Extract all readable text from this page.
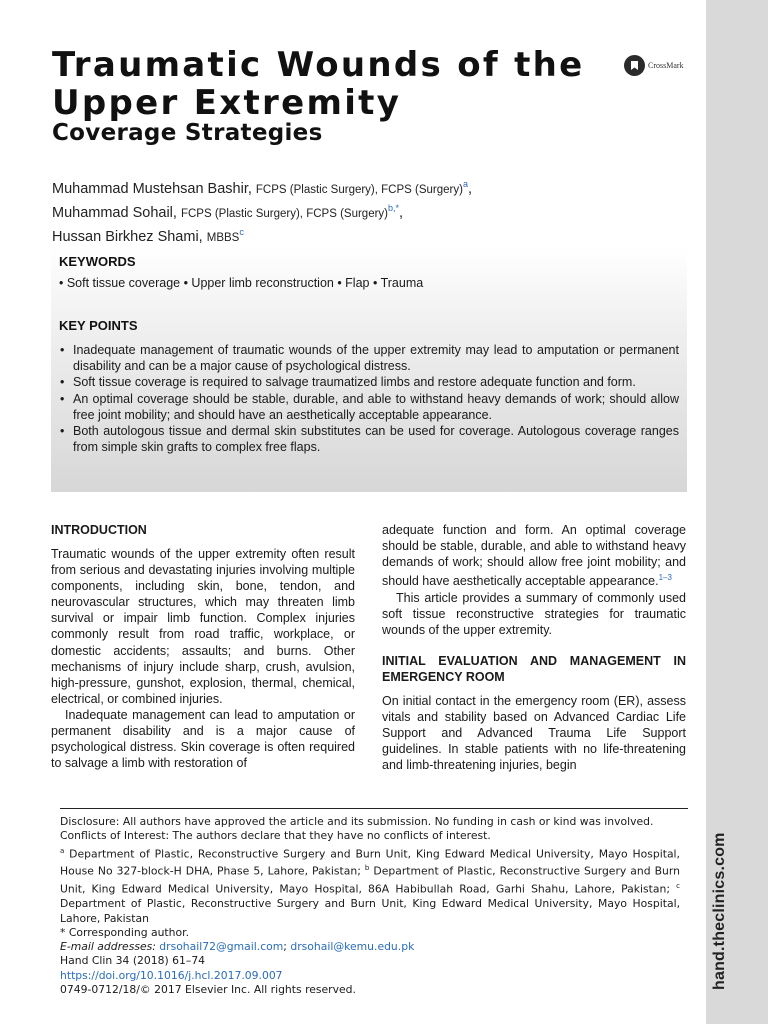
hand.theclinics.com
Traumatic Wounds of the Upper Extremity
Coverage Strategies
CrossMark
Muhammad Mustehsan Bashir, FCPS (Plastic Surgery), FCPS (Surgery)$^a$,
Muhammad Sohail, FCPS (Plastic Surgery), FCPS (Surgery)$^{b,*}$,
Hussan Birkhez Shami, MBBS$^c$
KEYWORDS
• Soft tissue coverage • Upper limb reconstruction • Flap • Trauma
KEY POINTS
• Inadequate management of traumatic wounds of the upper extremity may lead to amputation or permanent disability and can be a major cause of psychological distress.
• Soft tissue coverage is required to salvage traumatized limbs and restore adequate function and form.
• An optimal coverage should be stable, durable, and able to withstand heavy demands of work; should allow free joint mobility; and should have an aesthetically acceptable appearance.
• Both autologous tissue and dermal skin substitutes can be used for coverage. Autologous coverage ranges from simple skin grafts to complex free flaps.
INTRODUCTION

Traumatic wounds of the upper extremity often result from serious and devastating injuries involving multiple components, including skin, bone, tendon, and neurovascular structures, which may threaten limb survival or impair limb function. Complex injuries commonly result from road traffic, workplace, or domestic accidents; assaults; and burns. Other mechanisms of injury include sharp, crush, avulsion, high-pressure, gunshot, explosion, thermal, chemical, electrical, or combined injuries.

Inadequate management can lead to amputation or permanent disability and is a major cause of psychological distress. Skin coverage is often required to salvage a limb with restoration of

adequate function and form. An optimal coverage should be stable, durable, and able to withstand heavy demands of work; should allow free joint mobility; and should have aesthetically acceptable appearance.$^{1-3}$

This article provides a summary of commonly used soft tissue reconstructive strategies for traumatic wounds of the upper extremity.

INITIAL EVALUATION AND MANAGEMENT IN EMERGENCY ROOM

On initial contact in the emergency room (ER), assess vitals and stability based on Advanced Cardiac Life Support and Advanced Trauma Life Support guidelines. In stable patients with no life-threatening and limb-threatening injuries, begin

Disclosure: All authors have approved the article and its submission. No funding in cash or kind was involved.

Conflicts of Interest: The authors declare that they have no conflicts of interest.

$^a$ Department of Plastic, Reconstructive Surgery and Burn Unit, King Edward Medical University, Mayo Hospital, House No 327-block-H DHA, Phase 5, Lahore, Pakistan; $^b$ Department of Plastic, Reconstructive Surgery and Burn Unit, King Edward Medical University, Mayo Hospital, 86A Habibullah Road, Garhi Shahu, Lahore, Pakistan; $^c$ Department of Plastic, Reconstructive Surgery and Burn Unit, King Edward Medical University, Mayo Hospital, Lahore, Pakistan

* Corresponding author.

E-mail addresses: drsohail72@gmail.com; drsohail@kemu.edu.pk

Hand Clin 34 (2018) 61–74
https://doi.org/10.1016/j.hcl.2017.09.007
0749-0712/18/© 2017 Elsevier Inc. All rights reserved.
